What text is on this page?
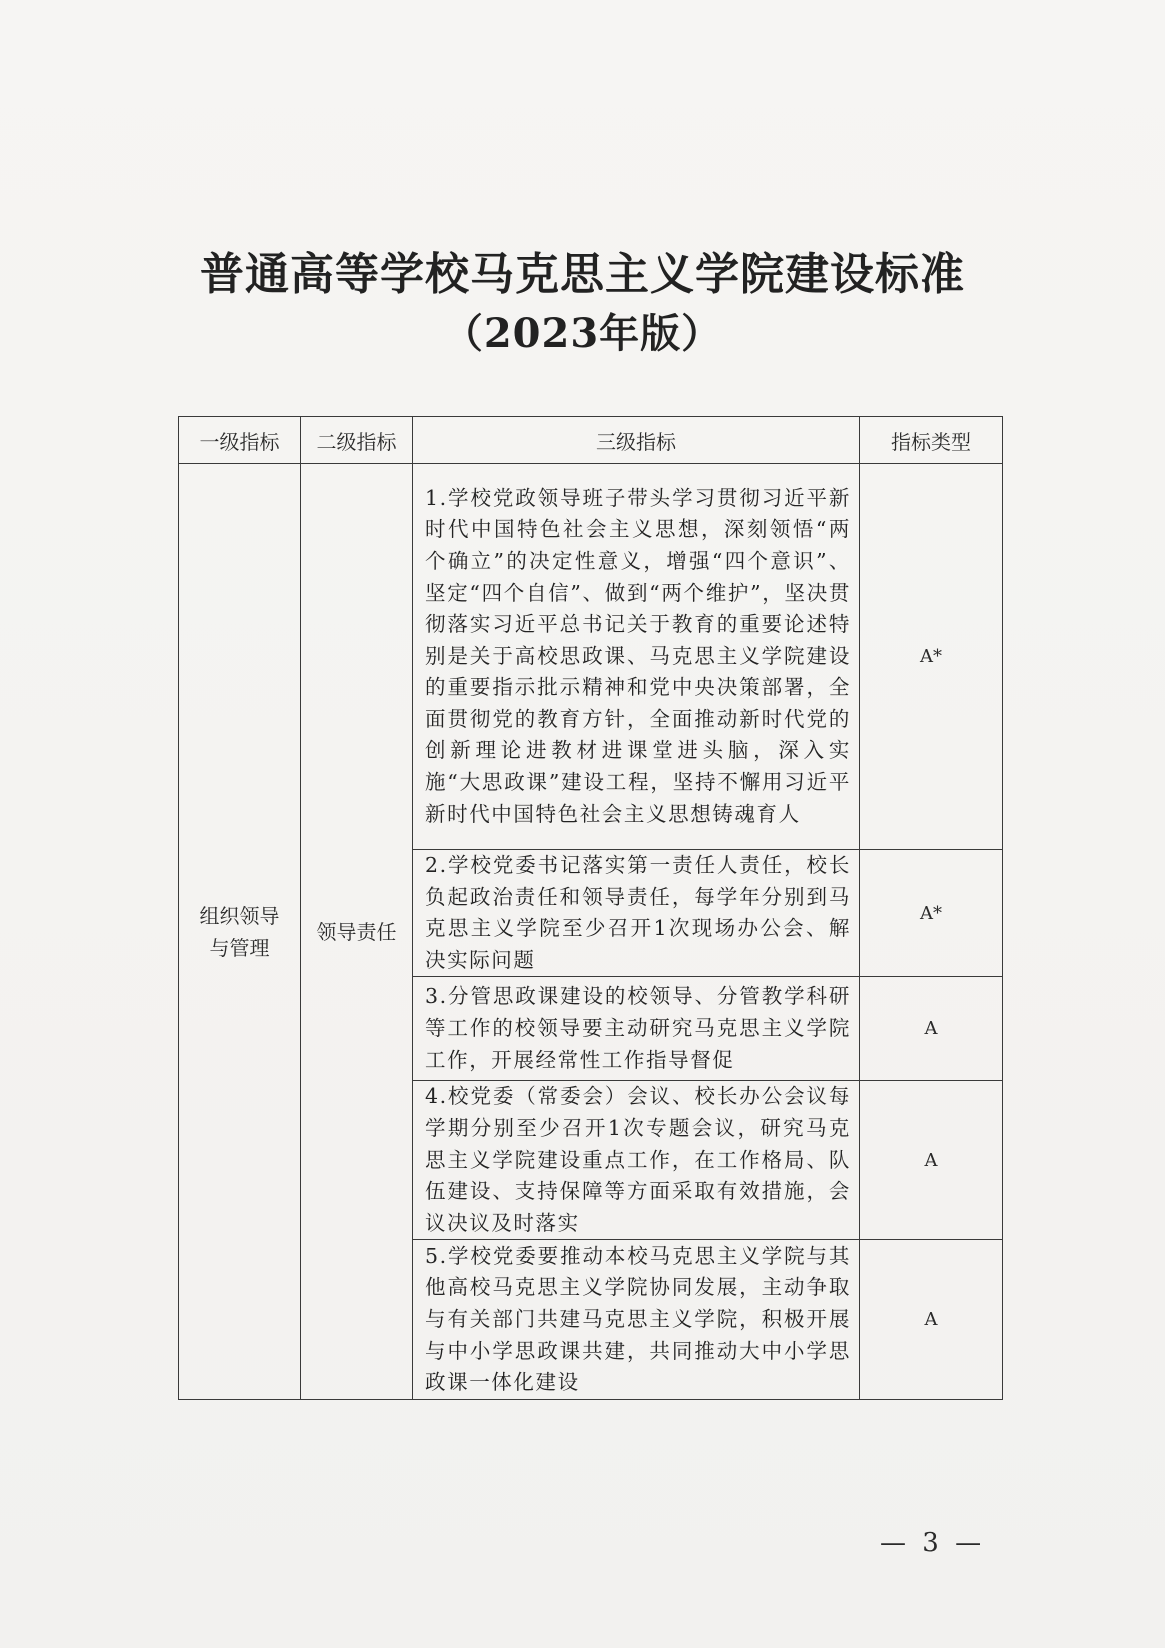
普通高等学校马克思主义学院建设标准
（2023年版）
一级指标	二级指标	三级指标	指标类型

组织领导与管理	领导责任	1.学校党政领导班子带头学习贯彻习近平新时代中国特色社会主义思想，深刻领悟“两个确立”的决定性意义，增强“四个意识”、坚定“四个自信”、做到“两个维护”，坚决贯彻落实习近平总书记关于教育的重要论述特别是关于高校思政课、马克思主义学院建设的重要指示批示精神和党中央决策部署，全面贯彻党的教育方针，全面推动新时代党的创新理论进教材进课堂进头脑，深入实施“大思政课”建设工程，坚持不懈用习近平新时代中国特色社会主义思想铸魂育人	A*
		2.学校党委书记落实第一责任人责任，校长负起政治责任和领导责任，每学年分别到马克思主义学院至少召开1次现场办公会、解决实际问题	A*
		3.分管思政课建设的校领导、分管教学科研等工作的校领导要主动研究马克思主义学院工作，开展经常性工作指导督促	A
		4.校党委（常委会）会议、校长办公会议每学期分别至少召开1次专题会议，研究马克思主义学院建设重点工作，在工作格局、队伍建设、支持保障等方面采取有效措施，会议决议及时落实	A
		5.学校党委要推动本校马克思主义学院与其他高校马克思主义学院协同发展，主动争取与有关部门共建马克思主义学院，积极开展与中小学思政课共建，共同推动大中小学思政课一体化建设	A
— 3 —
